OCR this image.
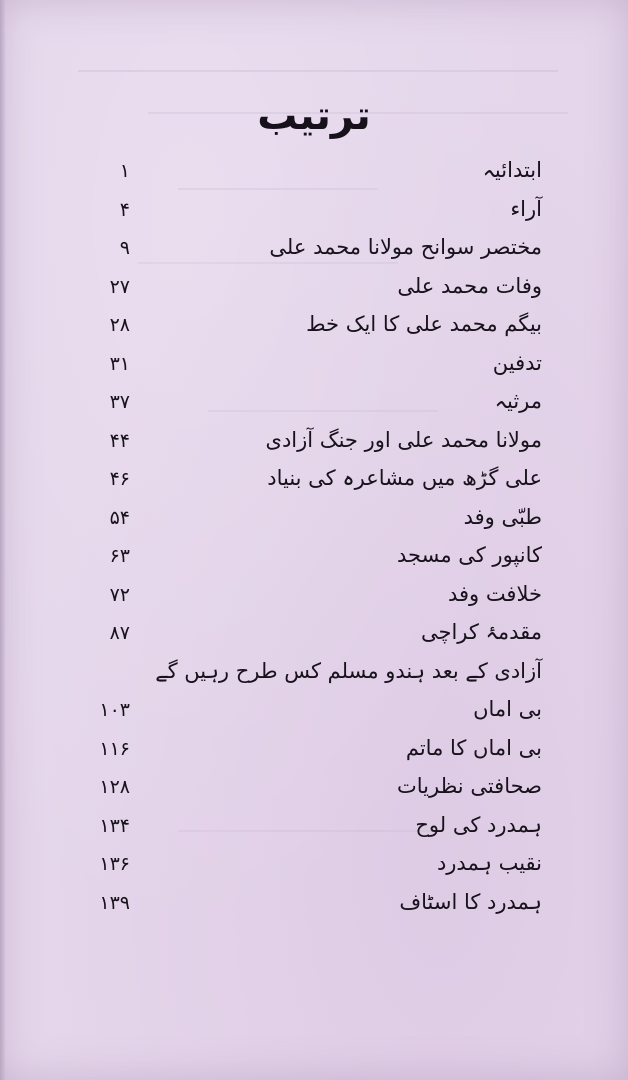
ترتیب
ابتدائیہ
۱
آراء
۴
مختصر سوانح مولانا محمد علی
۹
وفات محمد علی
۲۷
بیگم محمد علی کا ایک خط
۲۸
تدفین
۳۱
مرثیہ
۳۷
مولانا محمد علی اور جنگ آزادی
۴۴
علی گڑھ میں مشاعرہ کی بنیاد
۴۶
طبّی وفد
۵۴
کانپور کی مسجد
۶۳
خلافت وفد
۷۲
مقدمۂ کراچی
۸۷
آزادی کے بعد ہندو مسلم کس طرح رہیں گے
بی اماں
۱۰۳
بی اماں کا ماتم
۱۱۶
صحافتی نظریات
۱۲۸
ہمدرد کی لوح
۱۳۴
نقیب ہمدرد
۱۳۶
ہمدرد کا اسٹاف
۱۳۹
